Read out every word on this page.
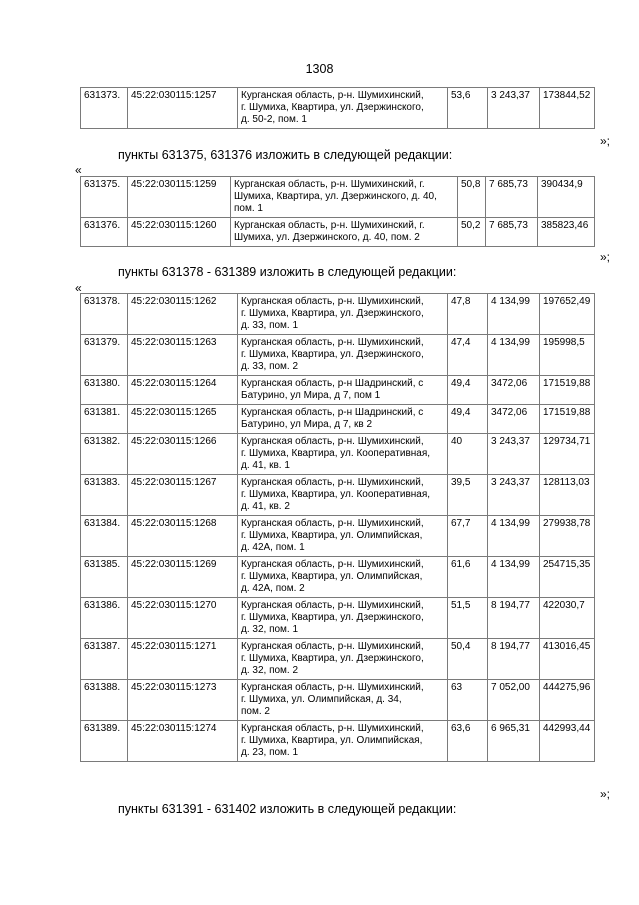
1308
631373.	45:22:030115:1257	Курганская область, р-н. Шумихинский,
г. Шумиха, Квартира, ул. Дзержинского,
д. 50-2, пом. 1
	53,6	3 243,37	173844,52
»;
пункты 631375, 631376 изложить в следующей редакции:
«
631375.	45:22:030115:1259	Курганская область, р-н. Шумихинский, г.
Шумиха, Квартира, ул. Дзержинского, д. 40,
пом. 1	50,8	7 685,73	390434,9
631376.	45:22:030115:1260	Курганская область, р-н. Шумихинский, г.
Шумиха, ул. Дзержинского, д. 40, пом. 2	50,2	7 685,73	385823,46
»;
пункты 631378 - 631389 изложить в следующей редакции:
«
631378.	45:22:030115:1262	Курганская область, р-н. Шумихинский,
г. Шумиха, Квартира, ул. Дзержинского,
д. 33, пом. 1	47,8	4 134,99	197652,49
631379.	45:22:030115:1263	Курганская область, р-н. Шумихинский,
г. Шумиха, Квартира, ул. Дзержинского,
д. 33, пом. 2	47,4	4 134,99	195998,5
631380.	45:22:030115:1264	Курганская область, р-н Шадринский, с
Батурино, ул Мира, д 7, пом 1	49,4	3472,06	171519,88
631381.	45:22:030115:1265	Курганская область, р-н Шадринский, с
Батурино, ул Мира, д 7, кв 2	49,4	3472,06	171519,88
631382.	45:22:030115:1266	Курганская область, р-н. Шумихинский,
г. Шумиха, Квартира, ул. Кооперативная,
д. 41, кв. 1	40	3 243,37	129734,71
631383.	45:22:030115:1267	Курганская область, р-н. Шумихинский,
г. Шумиха, Квартира, ул. Кооперативная,
д. 41, кв. 2	39,5	3 243,37	128113,03
631384.	45:22:030115:1268	Курганская область, р-н. Шумихинский,
г. Шумиха, Квартира, ул. Олимпийская,
д. 42А, пом. 1	67,7	4 134,99	279938,78
631385.	45:22:030115:1269	Курганская область, р-н. Шумихинский,
г. Шумиха, Квартира, ул. Олимпийская,
д. 42А, пом. 2	61,6	4 134,99	254715,35
631386.	45:22:030115:1270	Курганская область, р-н. Шумихинский,
г. Шумиха, Квартира, ул. Дзержинского,
д. 32, пом. 1	51,5	8 194,77	422030,7
631387.	45:22:030115:1271	Курганская область, р-н. Шумихинский,
г. Шумиха, Квартира, ул. Дзержинского,
д. 32, пом. 2	50,4	8 194,77	413016,45
631388.	45:22:030115:1273	Курганская область, р-н. Шумихинский,
г. Шумиха, ул. Олимпийская, д. 34,
пом. 2	63	7 052,00	444275,96
631389.	45:22:030115:1274	Курганская область, р-н. Шумихинский,
г. Шумиха, Квартира, ул. Олимпийская,
д. 23, пом. 1	63,6	6 965,31	442993,44
»;
пункты 631391 - 631402 изложить в следующей редакции:
